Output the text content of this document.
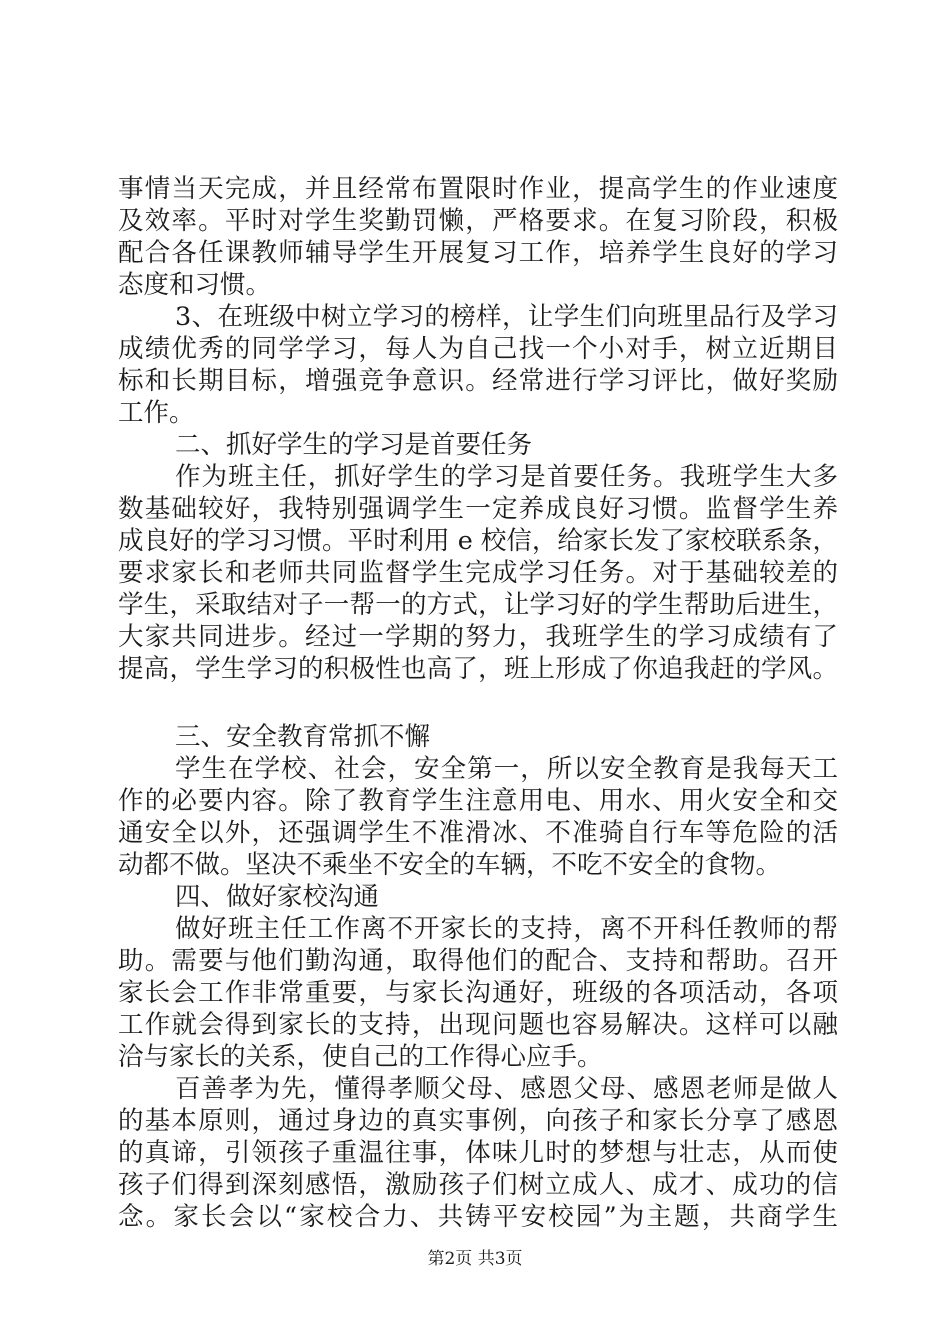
事情当天完成，并且经常布置限时作业，提高学生的作业速度
及效率。平时对学生奖勤罚懒，严格要求。在复习阶段，积极
配合各任课教师辅导学生开展复习工作，培养学生良好的学习
态度和习惯。
3、在班级中树立学习的榜样，让学生们向班里品行及学习
成绩优秀的同学学习，每人为自己找一个小对手，树立近期目
标和长期目标，增强竞争意识。经常进行学习评比，做好奖励
工作。
二、抓好学生的学习是首要任务
作为班主任，抓好学生的学习是首要任务。我班学生大多
数基础较好，我特别强调学生一定养成良好习惯。监督学生养
成良好的学习习惯。平时利用 e 校信，给家长发了家校联系条，
要求家长和老师共同监督学生完成学习任务。对于基础较差的
学生，采取结对子一帮一的方式，让学习好的学生帮助后进生，
大家共同进步。经过一学期的努力，我班学生的学习成绩有了
提高，学生学习的积极性也高了，班上形成了你追我赶的学风。
三、安全教育常抓不懈
学生在学校、社会，安全第一，所以安全教育是我每天工
作的必要内容。除了教育学生注意用电、用水、用火安全和交
通安全以外，还强调学生不准滑冰、不准骑自行车等危险的活
动都不做。坚决不乘坐不安全的车辆，不吃不安全的食物。
四、做好家校沟通
做好班主任工作离不开家长的支持，离不开科任教师的帮
助。需要与他们勤沟通，取得他们的配合、支持和帮助。召开
家长会工作非常重要，与家长沟通好，班级的各项活动，各项
工作就会得到家长的支持，出现问题也容易解决。这样可以融
洽与家长的关系，使自己的工作得心应手。
百善孝为先，懂得孝顺父母、感恩父母、感恩老师是做人
的基本原则，通过身边的真实事例，向孩子和家长分享了感恩
的真谛，引领孩子重温往事，体味儿时的梦想与壮志，从而使
孩子们得到深刻感悟，激励孩子们树立成人、成才、成功的信
念。家长会以“家校合力、共铸平安校园”为主题，共商学生
第2页 共3页
